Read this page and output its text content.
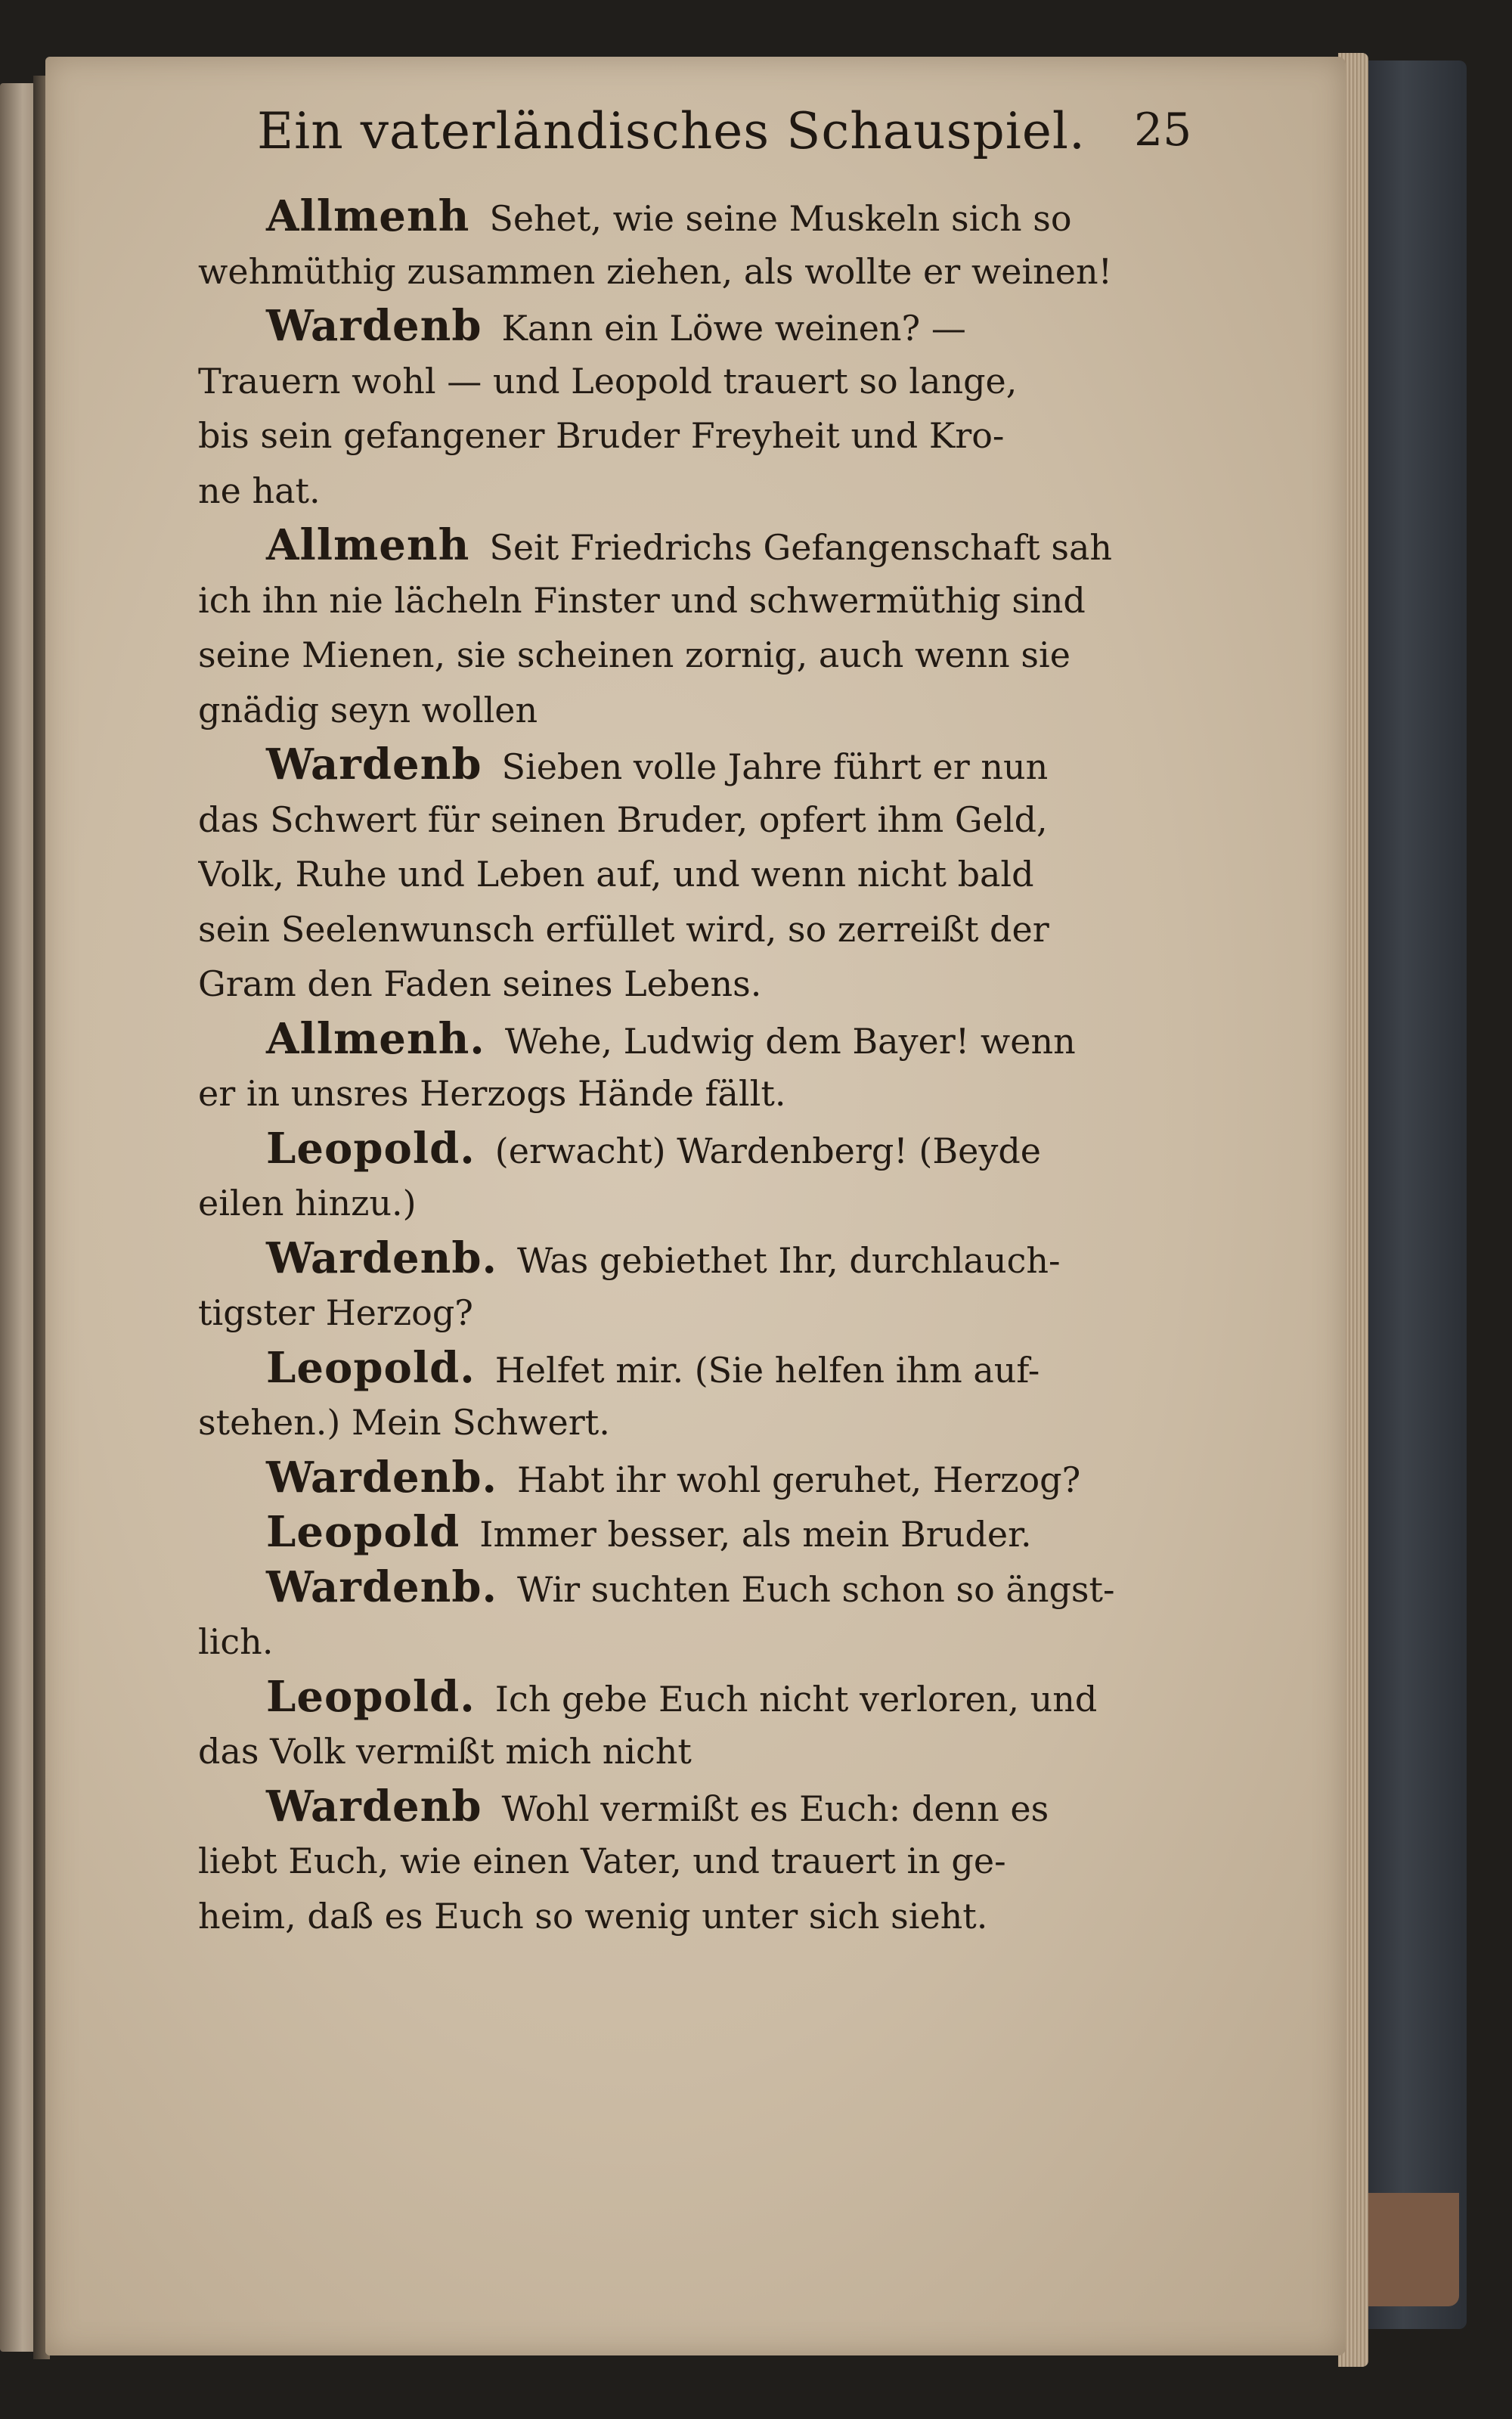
Ein vaterländisches Schauspiel. 25
Allmenh Sehet, wie seine Muskeln sich so
wehmüthig zusammen ziehen, als wollte er weinen!
Wardenb Kann ein Löwe weinen? —
Trauern wohl — und Leopold trauert so lange,
bis sein gefangener Bruder Freyheit und Kro-
ne hat.
Allmenh Seit Friedrichs Gefangenschaft sah
ich ihn nie lächeln Finster und schwermüthig sind
seine Mienen, sie scheinen zornig, auch wenn sie
gnädig seyn wollen
Wardenb Sieben volle Jahre führt er nun
das Schwert für seinen Bruder, opfert ihm Geld,
Volk, Ruhe und Leben auf, und wenn nicht bald
sein Seelenwunsch erfüllet wird, so zerreißt der
Gram den Faden seines Lebens.
Allmenh. Wehe, Ludwig dem Bayer! wenn
er in unsres Herzogs Hände fällt.
Leopold. (erwacht) Wardenberg! (Beyde
eilen hinzu.)
Wardenb. Was gebiethet Ihr, durchlauch-
tigster Herzog?
Leopold. Helfet mir. (Sie helfen ihm auf-
stehen.) Mein Schwert.
Wardenb. Habt ihr wohl geruhet, Herzog?
Leopold Immer besser, als mein Bruder.
Wardenb. Wir suchten Euch schon so ängst-
lich.
Leopold. Ich gebe Euch nicht verloren, und
das Volk vermißt mich nicht
Wardenb Wohl vermißt es Euch: denn es
liebt Euch, wie einen Vater, und trauert in ge-
heim, daß es Euch so wenig unter sich sieht.
